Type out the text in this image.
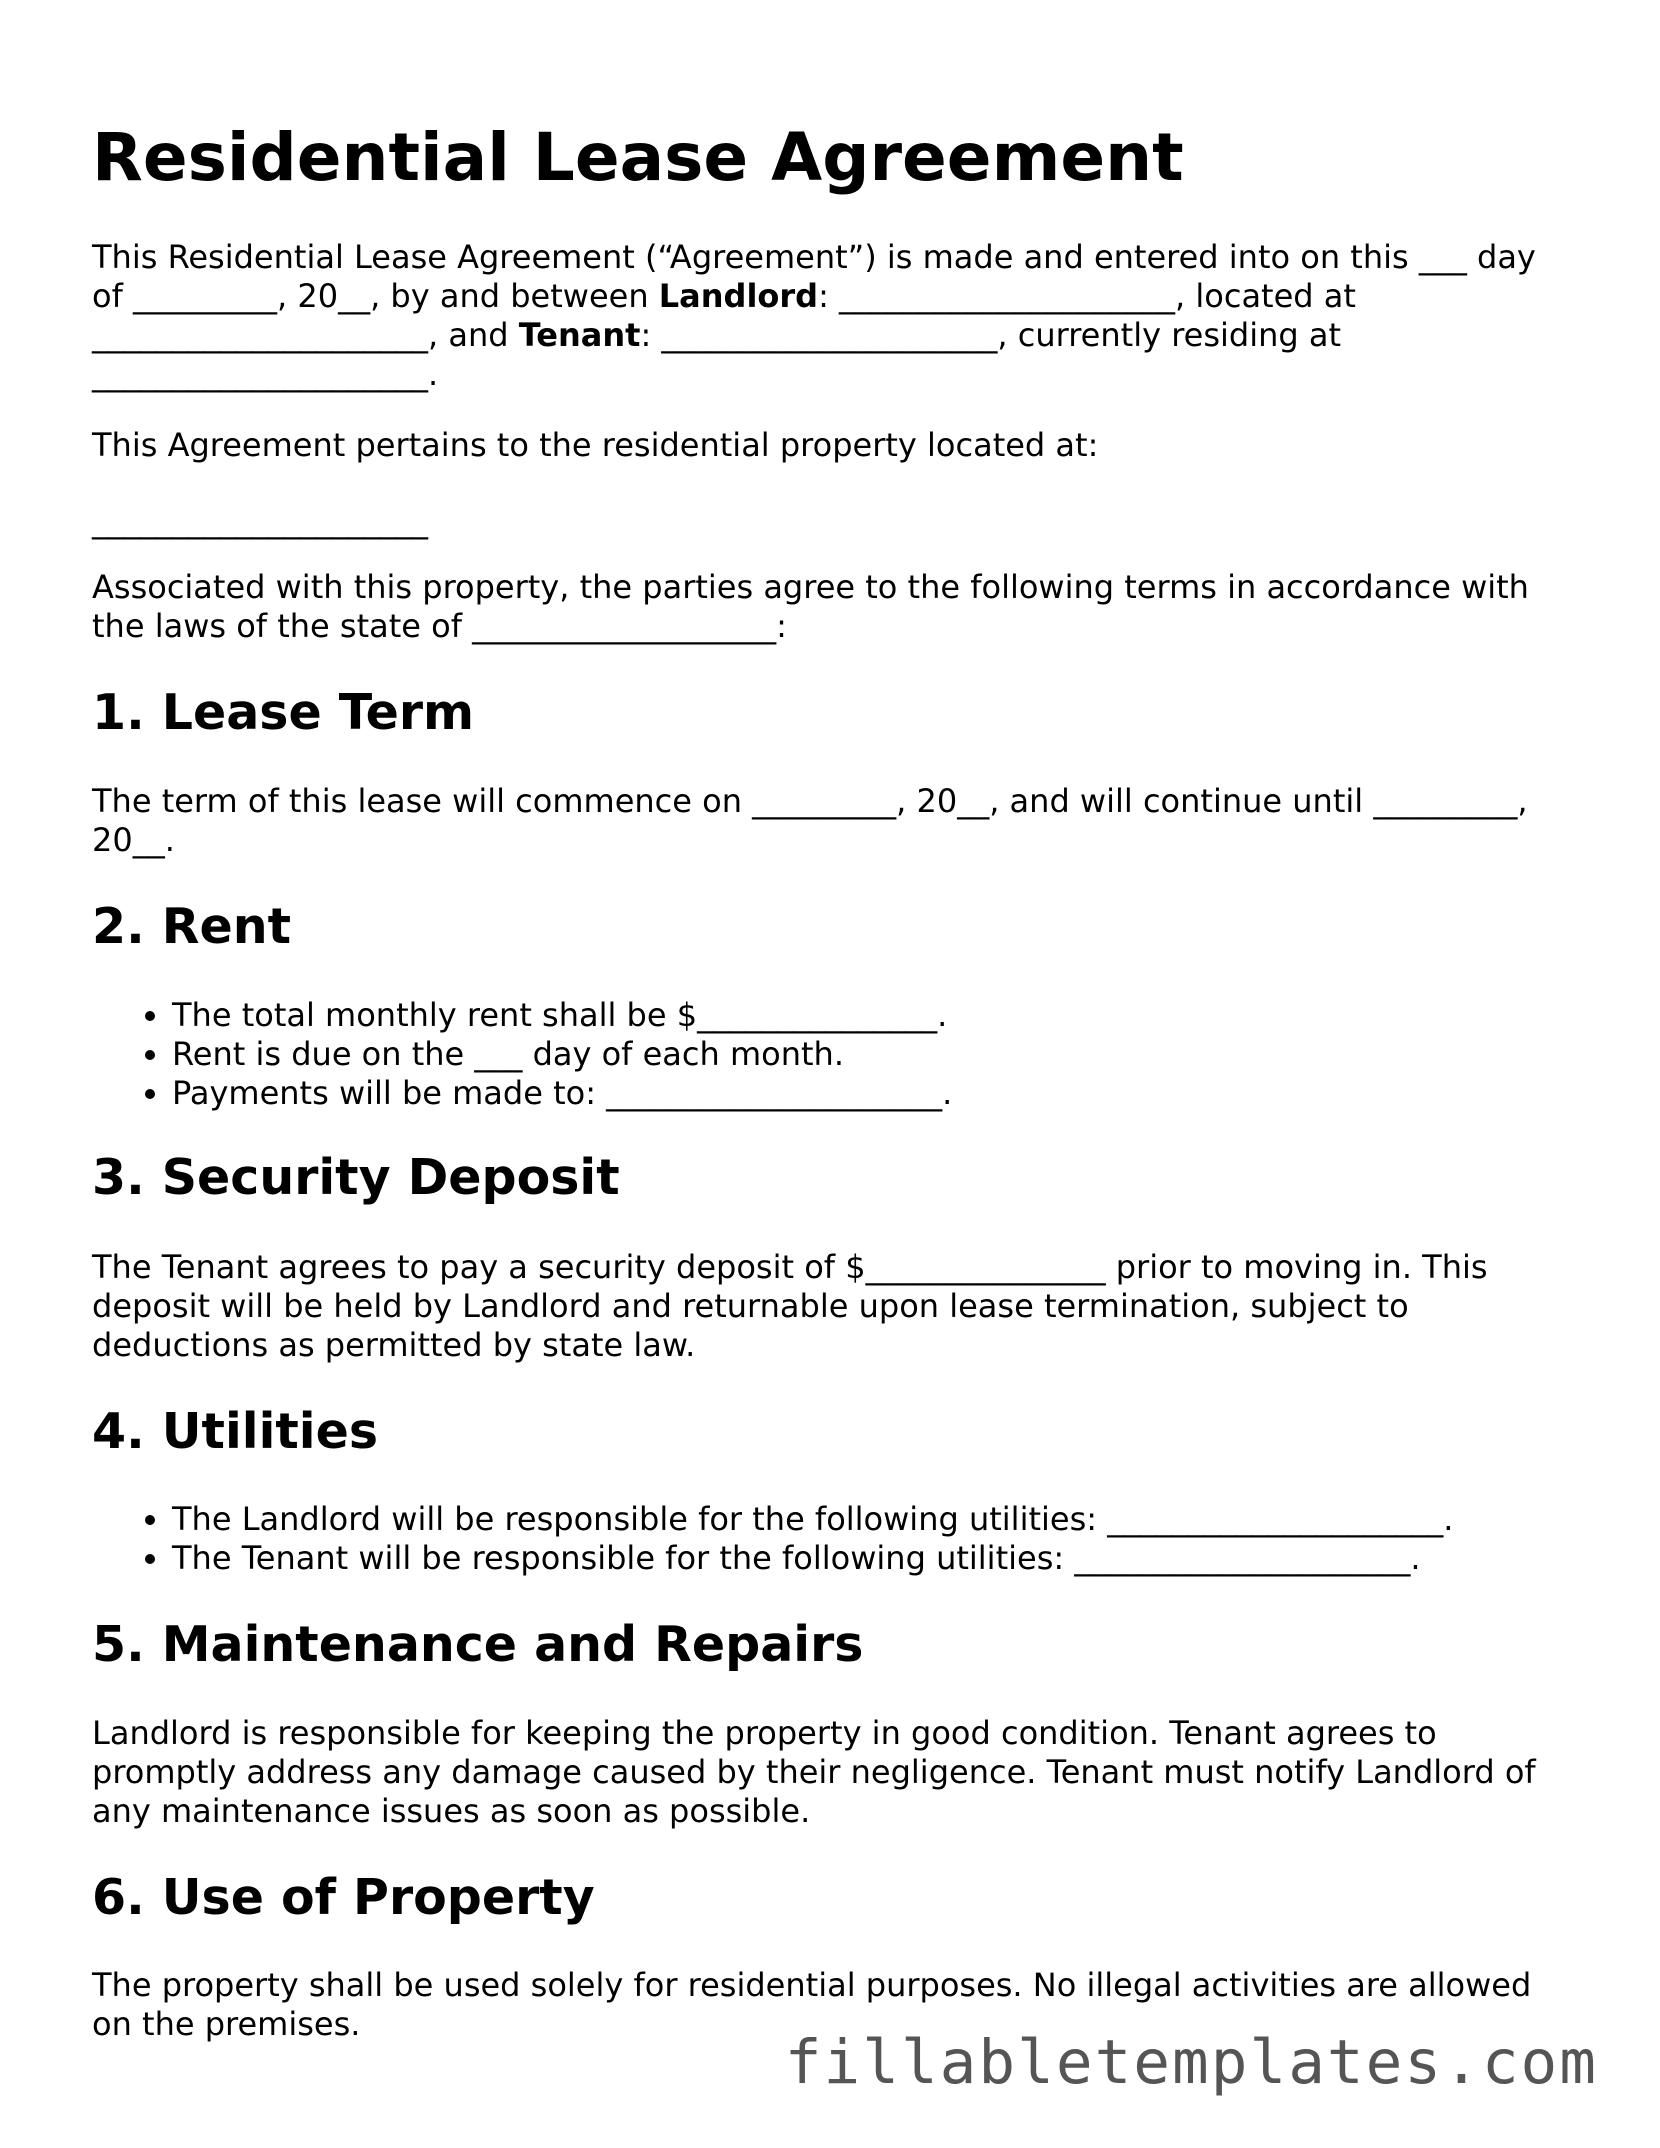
Residential Lease Agreement

This Residential Lease Agreement (“Agreement”) is made and entered into on this ___ day of _________, 20__, by and between Landlord: _____________________, located at _____________________, and Tenant: _____________________, currently residing at _____________________.

This Agreement pertains to the residential property located at:

_____________________

Associated with this property, the parties agree to the following terms in accordance with the laws of the state of ___________________:

1. Lease Term

The term of this lease will commence on _________, 20__, and will continue until _________, 20__.

2. Rent
• The total monthly rent shall be $_______________.
• Rent is due on the ___ day of each month.
• Payments will be made to: _____________________.
3. Security Deposit

The Tenant agrees to pay a security deposit of $_______________ prior to moving in. This deposit will be held by Landlord and returnable upon lease termination, subject to deductions as permitted by state law.

4. Utilities
• The Landlord will be responsible for the following utilities: _____________________.
• The Tenant will be responsible for the following utilities: _____________________.
5. Maintenance and Repairs

Landlord is responsible for keeping the property in good condition. Tenant agrees to promptly address any damage caused by their negligence. Tenant must notify Landlord of any maintenance issues as soon as possible.

6. Use of Property

The property shall be used solely for residential purposes. No illegal activities are allowed on the premises.

fillabletemplates.com
